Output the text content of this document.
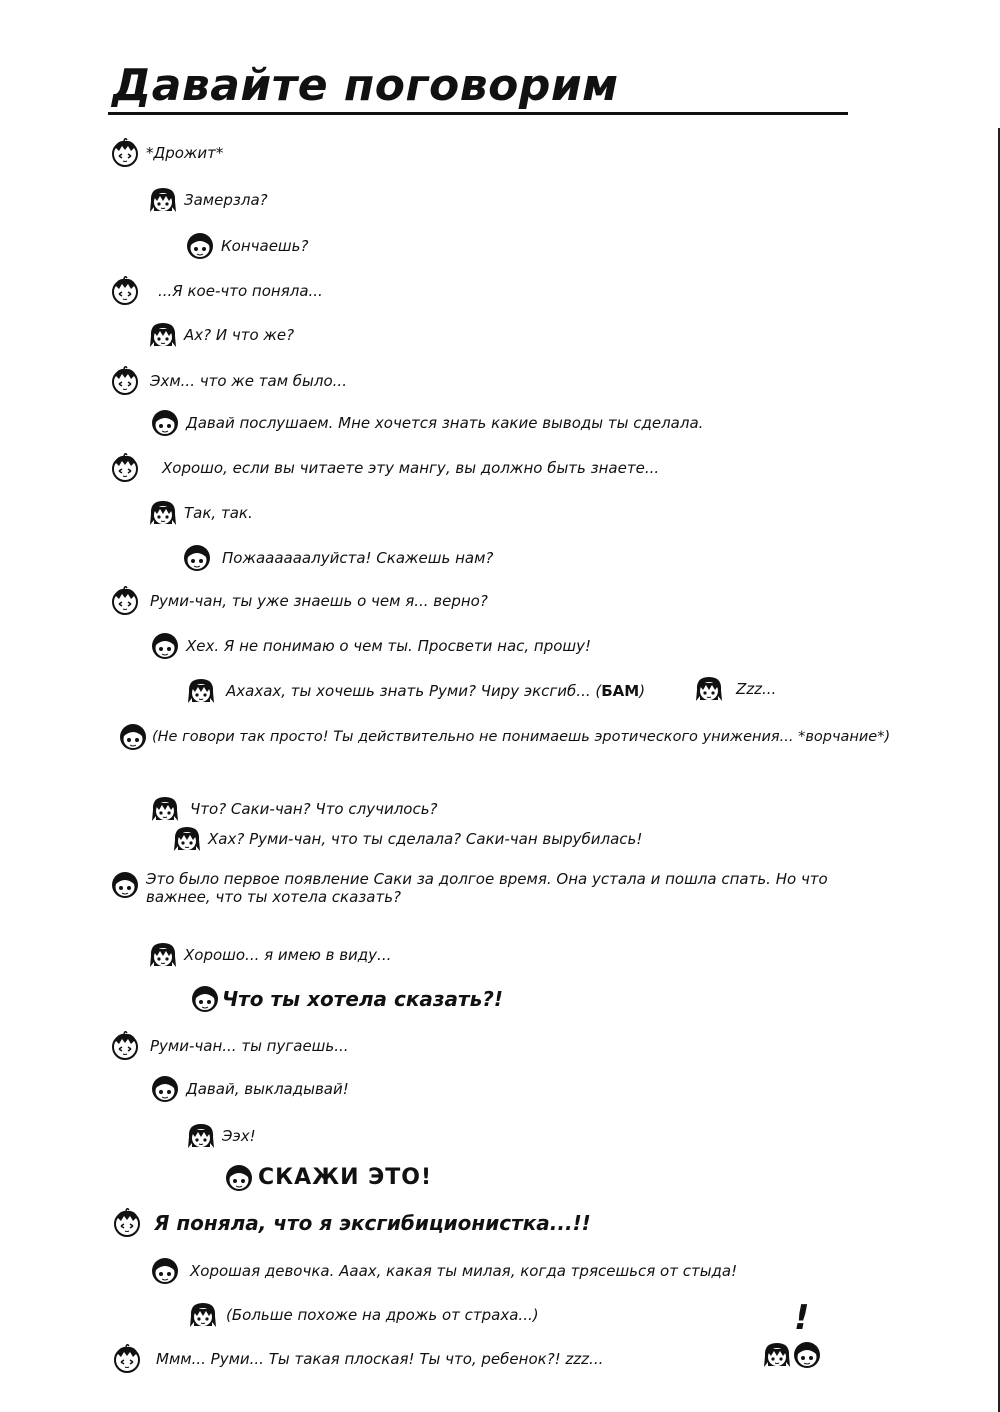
Давайте поговорим
*Дрожит*
Замерзла?
Кончаешь?
...Я кое-что поняла...
Ах? И что же?
Эхм... что же там было...
Давай послушаем. Мне хочется знать какие выводы ты сделала.
Хорошо, если вы читаете эту мангу, вы должно быть знаете...
Так, так.
Пожаааааалуйста! Скажешь нам?
Руми-чан, ты уже знаешь о чем я... верно?
Хех. Я не понимаю о чем ты. Просвети нас, прошу!
Ахахах, ты хочешь знать Руми? Чиру эксгиб... (БАМ)	Zzz...
(Не говори так просто! Ты действительно не понимаешь эротического унижения... *ворчание*)
Что? Саки-чан? Что случилось?
Хах? Руми-чан, что ты сделала? Саки-чан вырубилась!
Это было первое появление Саки за долгое время. Она устала и пошла спать. Но что важнее, что ты хотела сказать?
Хорошо... я имею в виду...
Что ты хотела сказать?!
Руми-чан... ты пугаешь...
Давай, выкладывай!
Ээх!
СКАЖИ ЭТО!
Я поняла, что я эксгибиционистка...!!
Хорошая девочка. Аааx, какая ты милая, когда трясешься от стыда!
(Больше похоже на дрожь от страха...)
Ммм... Руми... Ты такая плоская! Ты что, ребенок?! zzz...
!
